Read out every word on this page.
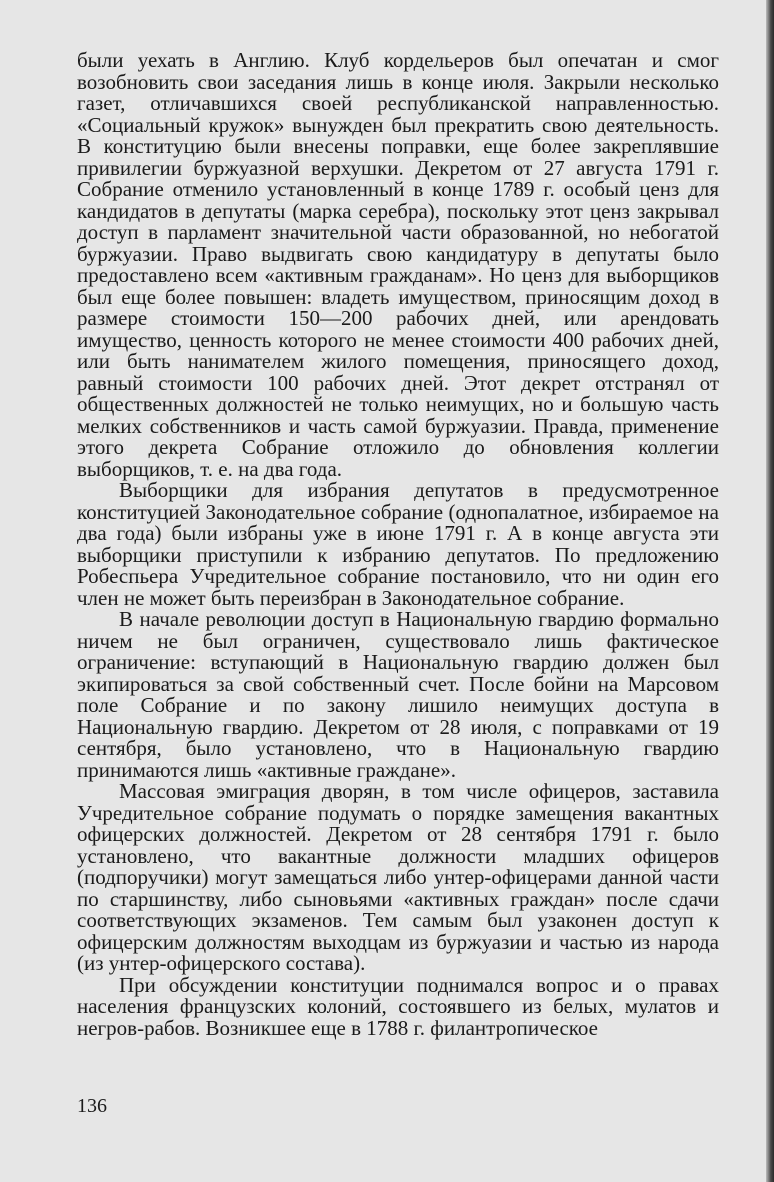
были уехать в Англию. Клуб кордельеров был опечатан и смог возобновить свои заседания лишь в конце июля. Закрыли несколько газет, отличавшихся своей республиканской направленностью. «Социальный кружок» вынужден был прекратить свою деятельность. В конституцию были внесены поправки, еще более закреплявшие привилегии буржуазной верхушки. Декретом от 27 августа 1791 г. Собрание отменило установленный в конце 1789 г. особый ценз для кандидатов в депутаты (марка серебра), поскольку этот ценз закрывал доступ в парламент значительной части образованной, но небогатой буржуазии. Право выдвигать свою кандидатуру в депутаты было предоставлено всем «активным гражданам». Но ценз для выборщиков был еще более повышен: владеть имуществом, приносящим доход в размере стоимости 150—200 рабочих дней, или арендовать имущество, ценность которого не менее стоимости 400 рабочих дней, или быть нанимателем жилого помещения, приносящего доход, равный стоимости 100 рабочих дней. Этот декрет отстранял от общественных должностей не только неимущих, но и большую часть мелких собственников и часть самой буржуазии. Правда, применение этого декрета Собрание отложило до обновления коллегии выборщиков, т. е. на два года.

Выборщики для избрания депутатов в предусмотренное конституцией Законодательное собрание (однопалатное, избираемое на два года) были избраны уже в июне 1791 г. А в конце августа эти выборщики приступили к избранию депутатов. По предложению Робеспьера Учредительное собрание постановило, что ни один его член не может быть переизбран в Законодательное собрание.

В начале революции доступ в Национальную гвардию формально ничем не был ограничен, существовало лишь фактическое ограничение: вступающий в Национальную гвардию должен был экипироваться за свой собственный счет. После бойни на Марсовом поле Собрание и по закону лишило неимущих доступа в Национальную гвардию. Декретом от 28 июля, с поправками от 19 сентября, было установлено, что в Национальную гвардию принимаются лишь «активные граждане».

Массовая эмиграция дворян, в том числе офицеров, заставила Учредительное собрание подумать о порядке замещения вакантных офицерских должностей. Декретом от 28 сентября 1791 г. было установлено, что вакантные должности младших офицеров (подпоручики) могут замещаться либо унтер-офицерами данной части по старшинству, либо сыновьями «активных граждан» после сдачи соответствующих экзаменов. Тем самым был узаконен доступ к офицерским должностям выходцам из буржуазии и частью из народа (из унтер-офицерского состава).

При обсуждении конституции поднимался вопрос и о правах населения французских колоний, состоявшего из белых, мулатов и негров-рабов. Возникшее еще в 1788 г. филантропическое

136
